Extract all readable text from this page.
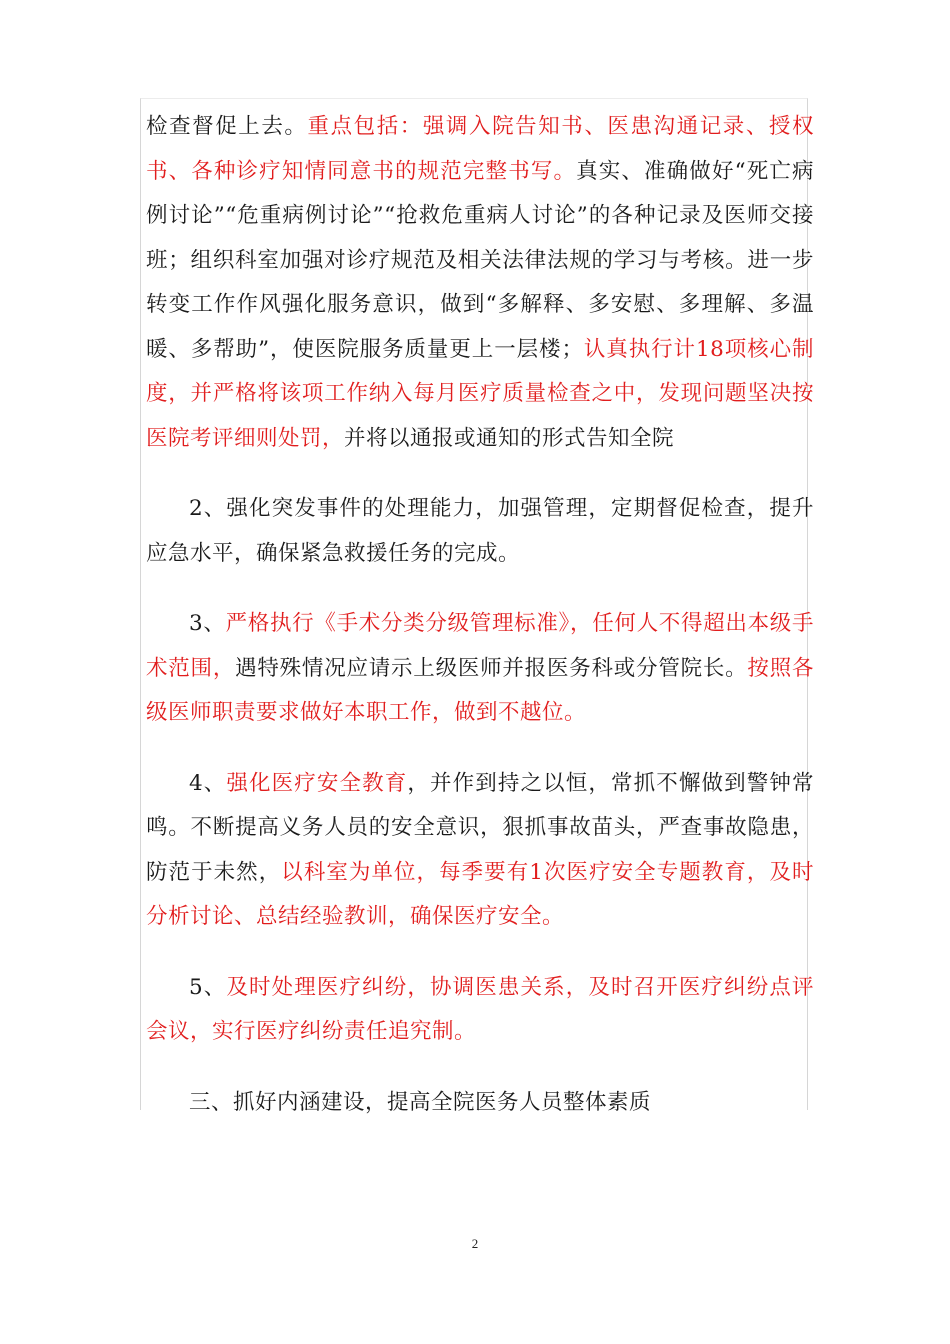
检查督促上去。重点包括：强调入院告知书、医患沟通记录、授权书、各种诊疗知情同意书的规范完整书写。真实、准确做好“死亡病例讨论”“危重病例讨论”“抢救危重病人讨论”的各种记录及医师交接班；组织科室加强对诊疗规范及相关法律法规的学习与考核。进一步转变工作作风强化服务意识，做到“多解释、多安慰、多理解、多温暖、多帮助”，使医院服务质量更上一层楼；认真执行计18项核心制度，并严格将该项工作纳入每月医疗质量检查之中，发现问题坚决按医院考评细则处罚，并将以通报或通知的形式告知全院

2、强化突发事件的处理能力，加强管理，定期督促检查，提升应急水平，确保紧急救援任务的完成。

3、严格执行《手术分类分级管理标准》，任何人不得超出本级手术范围，遇特殊情况应请示上级医师并报医务科或分管院长。按照各级医师职责要求做好本职工作，做到不越位。

4、强化医疗安全教育，并作到持之以恒，常抓不懈做到警钟常鸣。不断提高义务人员的安全意识，狠抓事故苗头，严查事故隐患，防范于未然，以科室为单位，每季要有1次医疗安全专题教育，及时分析讨论、总结经验教训，确保医疗安全。

5、及时处理医疗纠纷，协调医患关系，及时召开医疗纠纷点评会议，实行医疗纠纷责任追究制。

三、抓好内涵建设，提高全院医务人员整体素质

2
